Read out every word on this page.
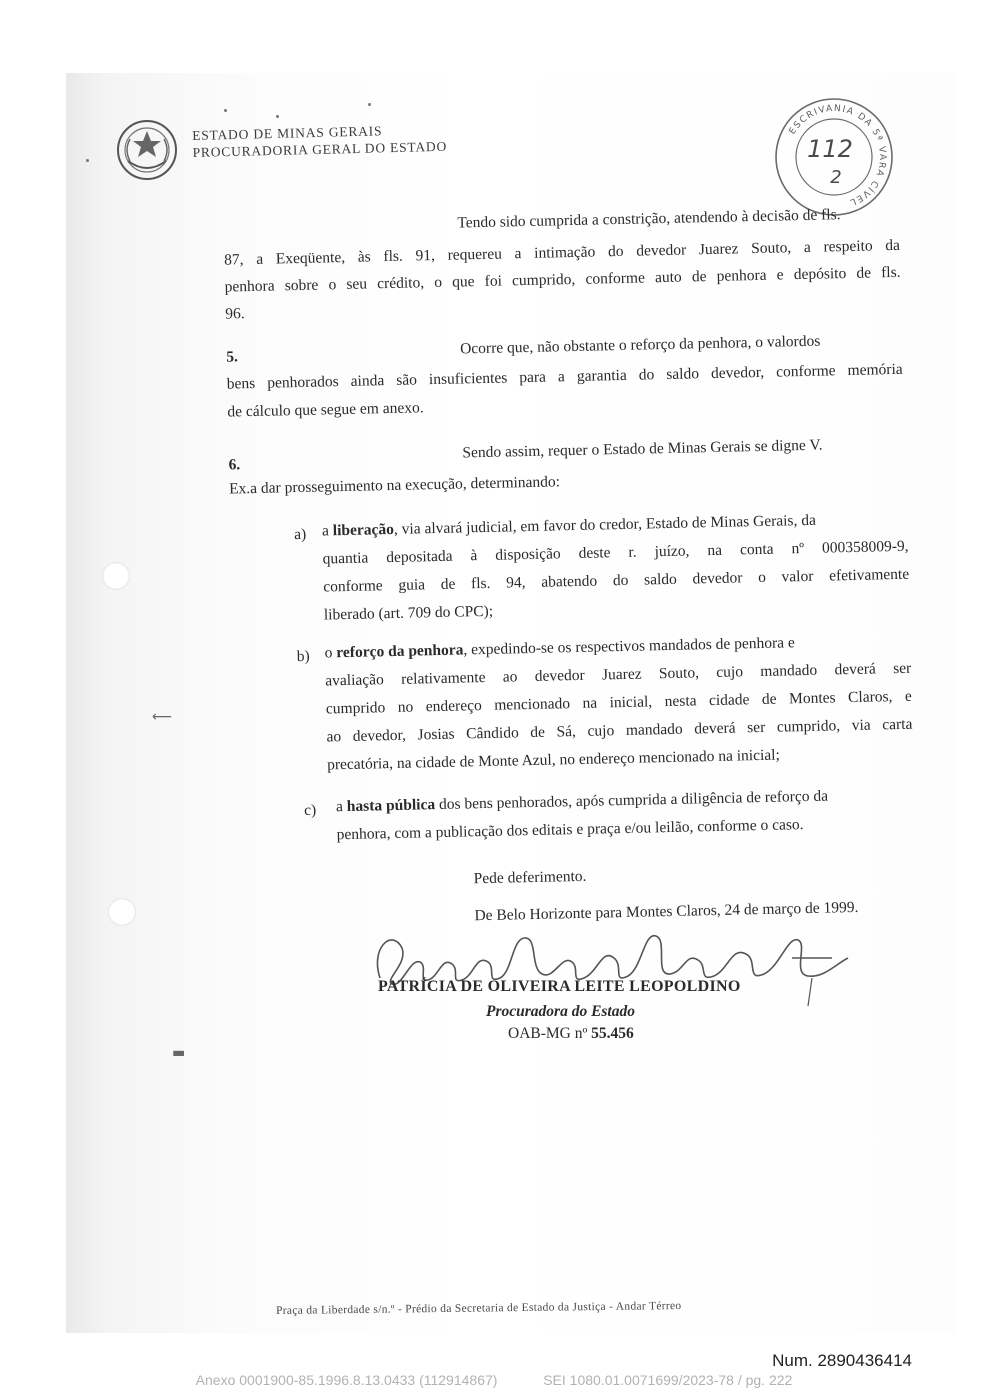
⟵
▬
ESTADO DE MINAS GERAIS
PROCURADORIA GERAL DO ESTADO
ESCRIVANIA DA 5ª VARA CÍVEL
112
2
Tendo sido cumprida a constrição, atendendo à decisão de fls.
87, a Exeqüente, às fls. 91, requereu a intimação do devedor Juarez Souto, a respeito da
penhora sobre o seu crédito, o que foi cumprido, conforme auto de penhora e depósito de fls.
96.
5.	Ocorre que, não obstante o reforço da penhora, o valordos
bens penhorados ainda são insuficientes para a garantia do saldo devedor, conforme memória
de cálculo que segue em anexo.
6.
Sendo assim, requer o Estado de Minas Gerais se digne V.
Ex.a dar prosseguimento na execução, determinando:
a) a liberação, via alvará judicial, em favor do credor, Estado de Minas Gerais, da
quantia depositada à disposição deste r. juízo, na conta nº 000358009-9,
conforme guia de fls. 94, abatendo do saldo devedor o valor efetivamente
liberado (art. 709 do CPC);
b) o reforço da penhora, expedindo-se os respectivos mandados de penhora e
avaliação relativamente ao devedor Juarez Souto, cujo mandado deverá ser
cumprido no endereço mencionado na inicial, nesta cidade de Montes Claros, e
ao devedor, Josias Cândido de Sá, cujo mandado deverá ser cumprido, via carta
precatória, na cidade de Monte Azul, no endereço mencionado na inicial;
c) a hasta pública dos bens penhorados, após cumprida a diligência de reforço da
penhora, com a publicação dos editais e praça e/ou leilão, conforme o caso.
Pede deferimento.
De Belo Horizonte para Montes Claros, 24 de março de 1999.
PATRÍCIA DE OLIVEIRA LEITE LEOPOLDINO
Procuradora do Estado
OAB-MG nº 55.456
Praça da Liberdade s/n.º - Prédio da Secretaria de Estado da Justiça - Andar Térreo
Num. 2890436414
Anexo 0001900-85.1996.8.13.0433 (112914867)	SEI 1080.01.0071699/2023-78 / pg. 222
